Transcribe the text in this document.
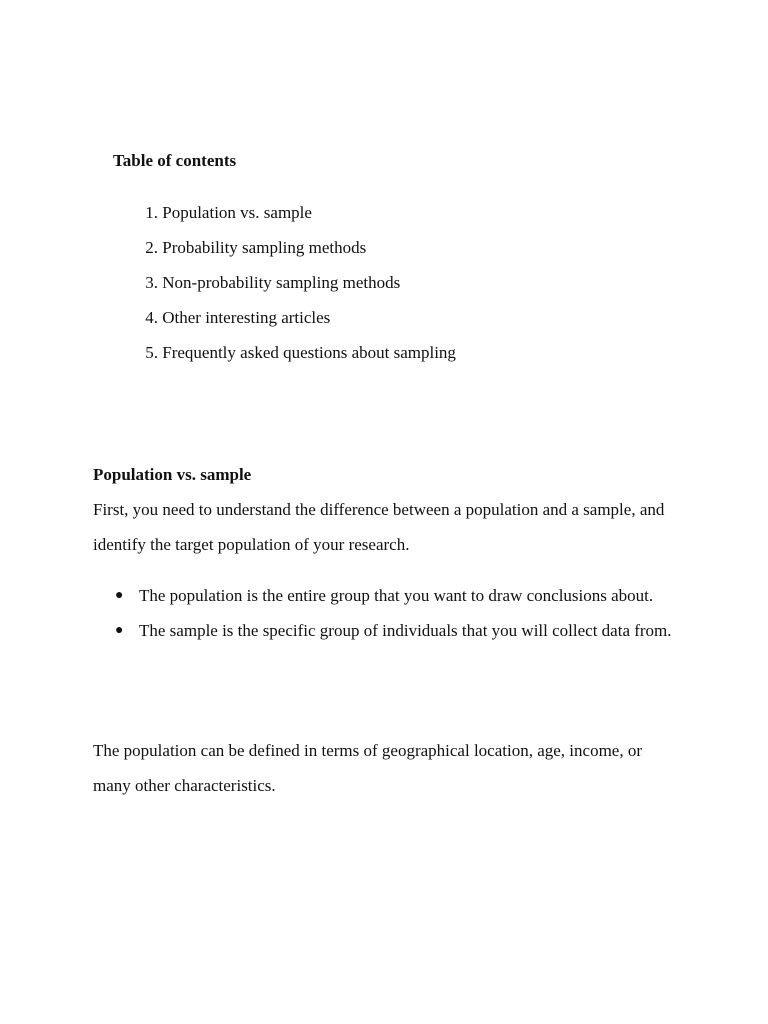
Table of contents
1. Population vs. sample
2. Probability sampling methods
3. Non-probability sampling methods
4. Other interesting articles
5. Frequently asked questions about sampling
Population vs. sample

First, you need to understand the difference between a population and a sample, and identify the target population of your research.

● The population is the entire group that you want to draw conclusions about.
● The sample is the specific group of individuals that you will collect data from.

The population can be defined in terms of geographical location, age, income, or many other characteristics.
